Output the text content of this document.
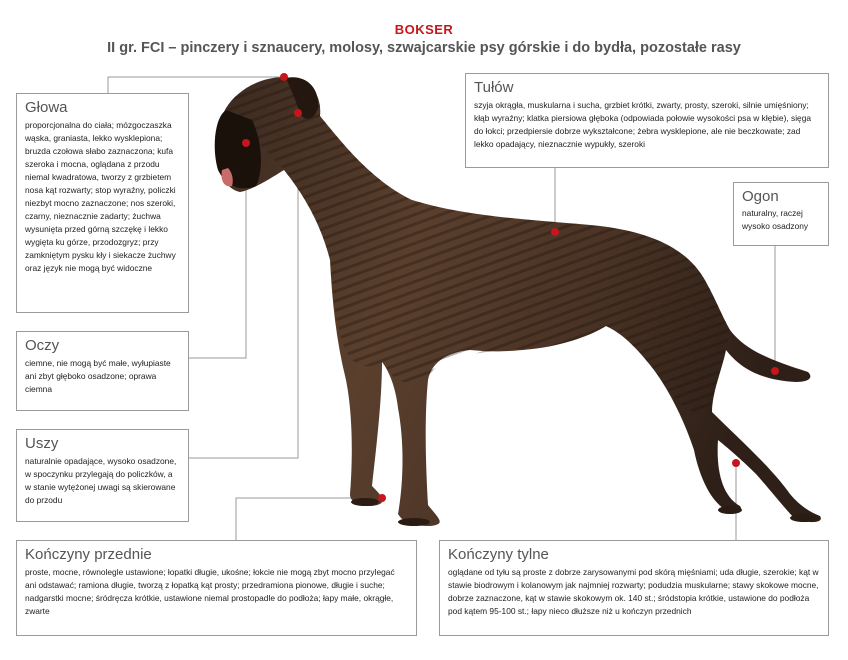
BOKSER
II gr. FCI – pinczery i sznaucery, molosy, szwajcarskie psy górskie i do bydła, pozostałe rasy
Głowa

proporcjonalna do ciała; mózgoczaszka wąska, graniasta, lekko wysklepiona; bruzda czołowa słabo zaznaczona; kufa szeroka i mocna, oglądana z przodu niemal kwadratowa, tworzy z grzbietem nosa kąt rozwarty; stop wyraźny, policzki niezbyt mocno zaznaczone; nos szeroki, czarny, nieznacznie zadarty; żuchwa wysunięta przed górną szczękę i lekko wygięta ku górze, przodozgryz; przy zamkniętym pysku kły i siekacze żuchwy oraz język nie mogą być widoczne

Oczy

ciemne, nie mogą być małe, wyłupiaste ani zbyt głęboko osadzone; oprawa ciemna

Uszy

naturalnie opadające, wysoko osadzone, w spoczynku przylegają do policzków, a w stanie wytężonej uwagi są skierowane do przodu

Kończyny przednie

proste, mocne, równolegle ustawione; łopatki długie, ukośne; łokcie nie mogą zbyt mocno przylegać ani odstawać; ramiona długie, tworzą z łopatką kąt prosty; przedramiona pionowe, długie i suche; nadgarstki mocne; śródręcza krótkie, ustawione niemal prostopadle do podłoża; łapy małe, okrągłe, zwarte

Tułów

szyja okrągła, muskularna i sucha, grzbiet krótki, zwarty, prosty, szeroki, silnie umięśniony; kłąb wyraźny; klatka piersiowa głęboka (odpowiada połowie wysokości psa w kłębie), sięga do łokci; przedpiersie dobrze wykształcone; żebra wysklepione, ale nie beczkowate; zad lekko opadający, nieznacznie wypukły, szeroki

Ogon

naturalny, raczej wysoko osadzony

Kończyny tylne

oglądane od tyłu są proste z dobrze zarysowanymi pod skórą mięśniami; uda długie, szerokie; kąt w stawie biodrowym i kolanowym jak najmniej rozwarty; podudzia muskularne; stawy skokowe mocne, dobrze zaznaczone, kąt w stawie skokowym ok. 140 st.; śródstopia krótkie, ustawione do podłoża pod kątem 95-100 st.; łapy nieco dłuższe niż u kończyn przednich
